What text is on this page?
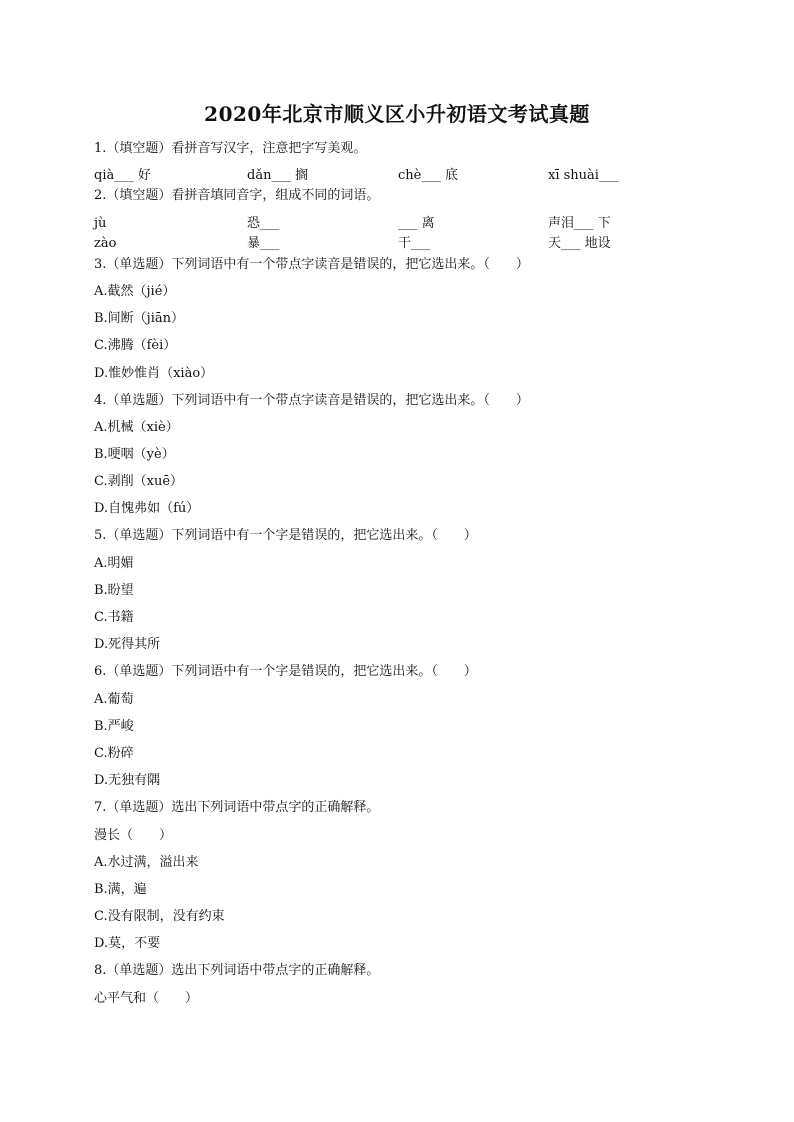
2020年北京市顺义区小升初语文考试真题
1.（填空题）看拼音写汉字，注意把字写美观。
qià___ 好	dǎn___ 搁	chè___ 底	xī shuài___
2.（填空题）看拼音填同音字，组成不同的词语。
jù	恐___	___ 离	声泪___ 下
zào	暴___	干___	天___ 地设
3.（单选题）下列词语中有一个带点字读音是错误的，把它选出来。（　　）
A.截然（jié）
B.间断（jiān）
C.沸腾（fèi）
D.惟妙惟肖（xiào）
4.（单选题）下列词语中有一个带点字读音是错误的，把它选出来。（　　）
A.机械（xiè）
B.哽咽（yè）
C.剥削（xuē）
D.自愧弗如（fú）
5.（单选题）下列词语中有一个字是错误的，把它选出来。（　　）
A.明媚
B.盼望
C.书籍
D.死得其所
6.（单选题）下列词语中有一个字是错误的，把它选出来。（　　）
A.葡萄
B.严峻
C.粉碎
D.无独有隅
7.（单选题）选出下列词语中带点字的正确解释。
漫长（　　）
A.水过满，溢出来
B.满，遍
C.没有限制，没有约束
D.莫，不要
8.（单选题）选出下列词语中带点字的正确解释。
心平气和（　　）
